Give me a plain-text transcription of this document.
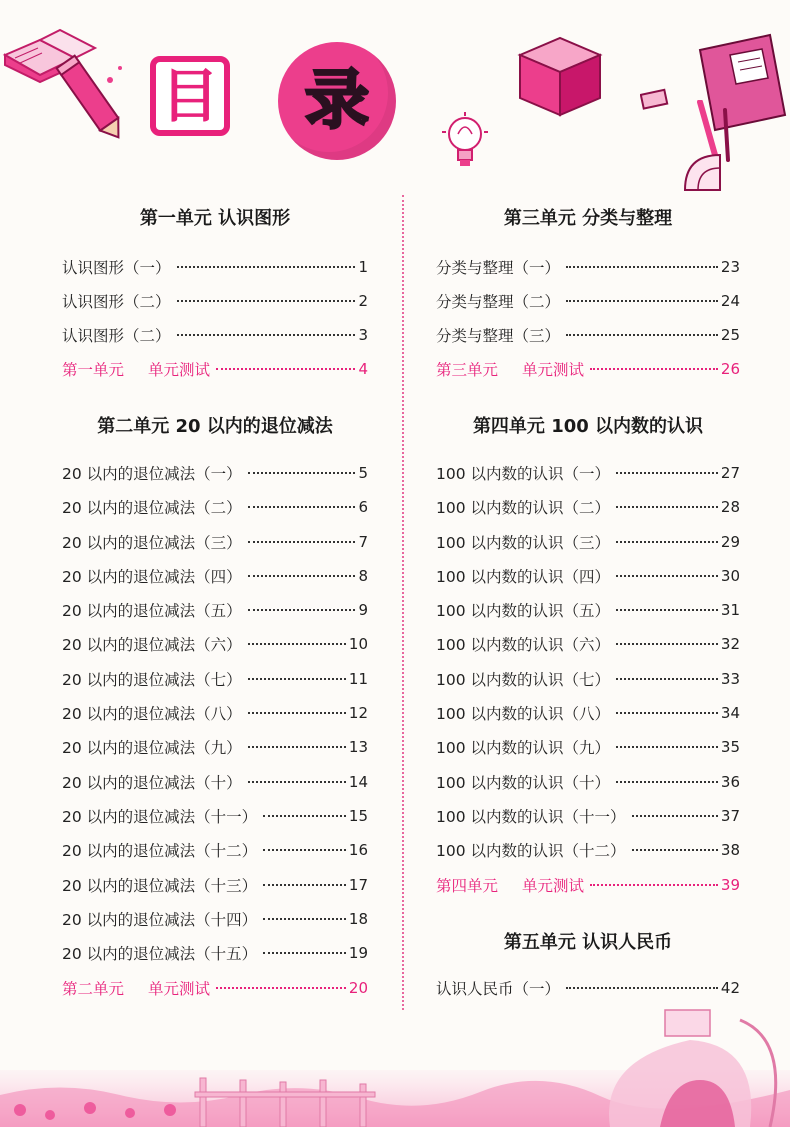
目 录
第一单元 认识图形
认识图形（一）	1
认识图形（二）	2
认识图形（二）	3
第一单元 单元测试	4
第二单元 20 以内的退位减法
20 以内的退位减法（一）	5
20 以内的退位减法（二）	6
20 以内的退位减法（三）	7
20 以内的退位减法（四）	8
20 以内的退位减法（五）	9
20 以内的退位减法（六）	10
20 以内的退位减法（七）	11
20 以内的退位减法（八）	12
20 以内的退位减法（九）	13
20 以内的退位减法（十）	14
20 以内的退位减法（十一）	15
20 以内的退位减法（十二）	16
20 以内的退位减法（十三）	17
20 以内的退位减法（十四）	18
20 以内的退位减法（十五）	19
第二单元 单元测试	20
第三单元 分类与整理
分类与整理（一）	23
分类与整理（二）	24
分类与整理（三）	25
第三单元 单元测试	26
第四单元 100 以内数的认识
100 以内数的认识（一）	27
100 以内数的认识（二）	28
100 以内数的认识（三）	29
100 以内数的认识（四）	30
100 以内数的认识（五）	31
100 以内数的认识（六）	32
100 以内数的认识（七）	33
100 以内数的认识（八）	34
100 以内数的认识（九）	35
100 以内数的认识（十）	36
100 以内数的认识（十一）	37
100 以内数的认识（十二）	38
第四单元 单元测试	39
第五单元 认识人民币
认识人民币（一）	42
